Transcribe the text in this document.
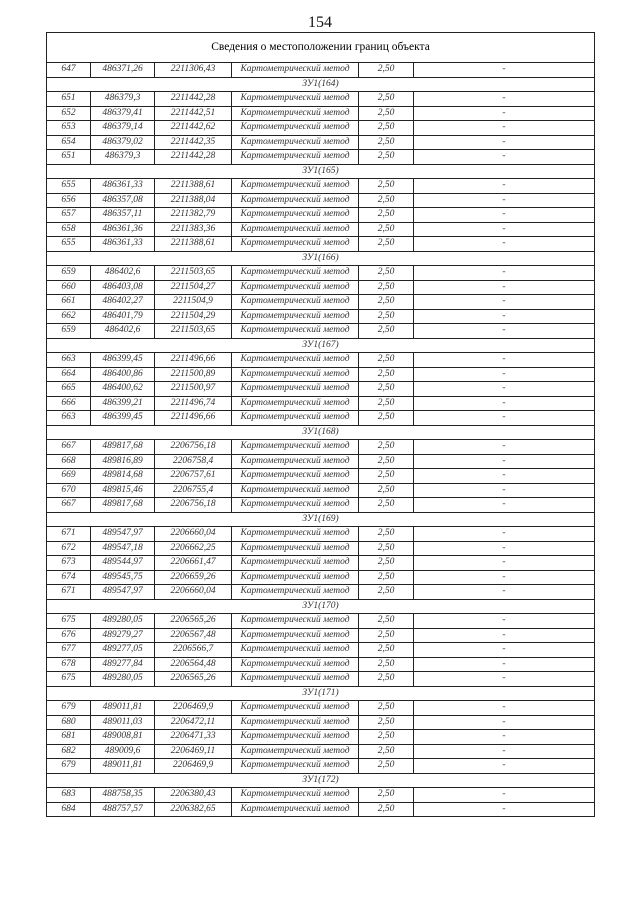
154
Сведения о местоположении границ объекта					
647	486371,26	2211306,43	Картометрический метод	2,50	-
ЗУ1(164)					
651	486379,3	2211442,28	Картометрический метод	2,50	-
652	486379,41	2211442,51	Картометрический метод	2,50	-
653	486379,14	2211442,62	Картометрический метод	2,50	-
654	486379,02	2211442,35	Картометрический метод	2,50	-
651	486379,3	2211442,28	Картометрический метод	2,50	-
ЗУ1(165)					
655	486361,33	2211388,61	Картометрический метод	2,50	-
656	486357,08	2211388,04	Картометрический метод	2,50	-
657	486357,11	2211382,79	Картометрический метод	2,50	-
658	486361,36	2211383,36	Картометрический метод	2,50	-
655	486361,33	2211388,61	Картометрический метод	2,50	-
ЗУ1(166)					
659	486402,6	2211503,65	Картометрический метод	2,50	-
660	486403,08	2211504,27	Картометрический метод	2,50	-
661	486402,27	2211504,9	Картометрический метод	2,50	-
662	486401,79	2211504,29	Картометрический метод	2,50	-
659	486402,6	2211503,65	Картометрический метод	2,50	-
ЗУ1(167)					
663	486399,45	2211496,66	Картометрический метод	2,50	-
664	486400,86	2211500,89	Картометрический метод	2,50	-
665	486400,62	2211500,97	Картометрический метод	2,50	-
666	486399,21	2211496,74	Картометрический метод	2,50	-
663	486399,45	2211496,66	Картометрический метод	2,50	-
ЗУ1(168)					
667	489817,68	2206756,18	Картометрический метод	2,50	-
668	489816,89	2206758,4	Картометрический метод	2,50	-
669	489814,68	2206757,61	Картометрический метод	2,50	-
670	489815,46	2206755,4	Картометрический метод	2,50	-
667	489817,68	2206756,18	Картометрический метод	2,50	-
ЗУ1(169)					
671	489547,97	2206660,04	Картометрический метод	2,50	-
672	489547,18	2206662,25	Картометрический метод	2,50	-
673	489544,97	2206661,47	Картометрический метод	2,50	-
674	489545,75	2206659,26	Картометрический метод	2,50	-
671	489547,97	2206660,04	Картометрический метод	2,50	-
ЗУ1(170)					
675	489280,05	2206565,26	Картометрический метод	2,50	-
676	489279,27	2206567,48	Картометрический метод	2,50	-
677	489277,05	2206566,7	Картометрический метод	2,50	-
678	489277,84	2206564,48	Картометрический метод	2,50	-
675	489280,05	2206565,26	Картометрический метод	2,50	-
ЗУ1(171)					
679	489011,81	2206469,9	Картометрический метод	2,50	-
680	489011,03	2206472,11	Картометрический метод	2,50	-
681	489008,81	2206471,33	Картометрический метод	2,50	-
682	489009,6	2206469,11	Картометрический метод	2,50	-
679	489011,81	2206469,9	Картометрический метод	2,50	-
ЗУ1(172)					
683	488758,35	2206380,43	Картометрический метод	2,50	-
684	488757,57	2206382,65	Картометрический метод	2,50	-
